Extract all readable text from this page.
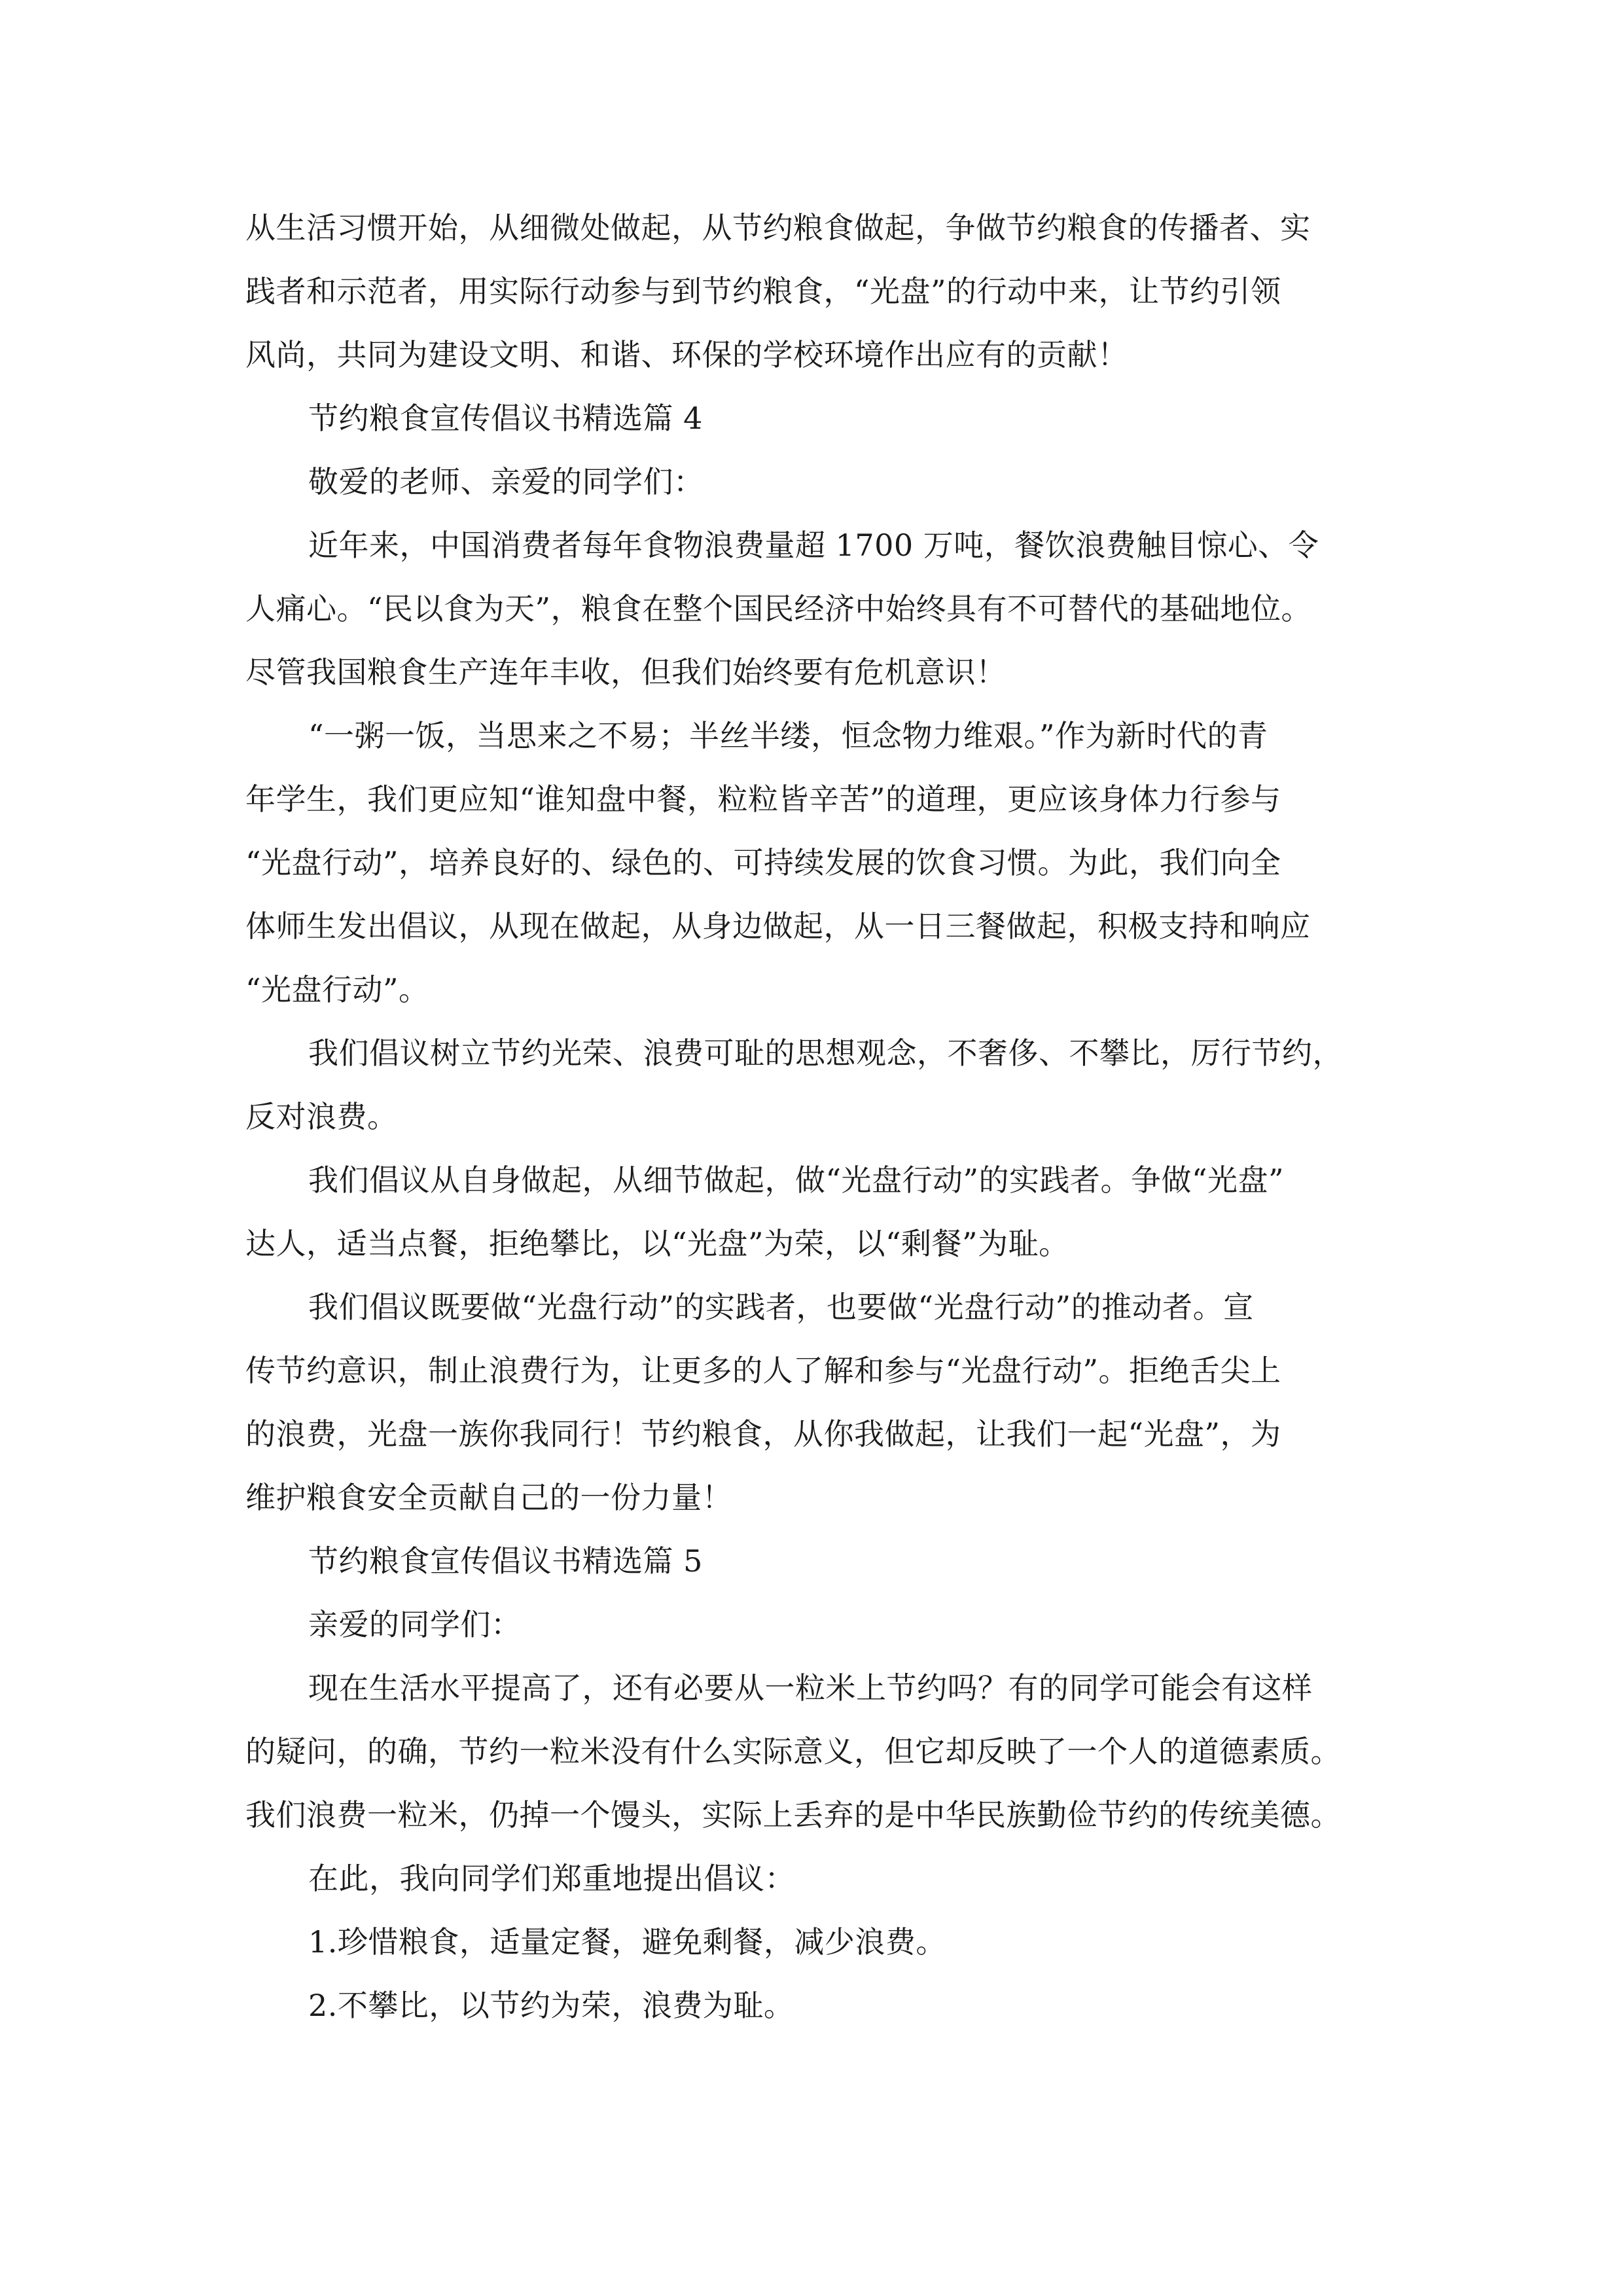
从生活习惯开始，从细微处做起，从节约粮食做起，争做节约粮食的传播者、实
践者和示范者，用实际行动参与到节约粮食，“光盘”的行动中来，让节约引领
风尚，共同为建设文明、和谐、环保的学校环境作出应有的贡献！
节约粮食宣传倡议书精选篇 4
敬爱的老师、亲爱的同学们：
近年来，中国消费者每年食物浪费量超 1700 万吨，餐饮浪费触目惊心、令
人痛心。“民以食为天”，粮食在整个国民经济中始终具有不可替代的基础地位。
尽管我国粮食生产连年丰收，但我们始终要有危机意识！
“一粥一饭，当思来之不易；半丝半缕，恒念物力维艰。”作为新时代的青
年学生，我们更应知“谁知盘中餐，粒粒皆辛苦”的道理，更应该身体力行参与
“光盘行动”，培养良好的、绿色的、可持续发展的饮食习惯。为此，我们向全
体师生发出倡议，从现在做起，从身边做起，从一日三餐做起，积极支持和响应
“光盘行动”。
我们倡议树立节约光荣、浪费可耻的思想观念，不奢侈、不攀比，厉行节约，
反对浪费。
我们倡议从自身做起，从细节做起，做“光盘行动”的实践者。争做“光盘”
达人，适当点餐，拒绝攀比，以“光盘”为荣，以“剩餐”为耻。
我们倡议既要做“光盘行动”的实践者，也要做“光盘行动”的推动者。宣
传节约意识，制止浪费行为，让更多的人了解和参与“光盘行动”。拒绝舌尖上
的浪费，光盘一族你我同行！节约粮食，从你我做起，让我们一起“光盘”，为
维护粮食安全贡献自己的一份力量！
节约粮食宣传倡议书精选篇 5
亲爱的同学们：
现在生活水平提高了，还有必要从一粒米上节约吗？有的同学可能会有这样
的疑问，的确，节约一粒米没有什么实际意义，但它却反映了一个人的道德素质。
我们浪费一粒米，仍掉一个馒头，实际上丢弃的是中华民族勤俭节约的传统美德。
在此，我向同学们郑重地提出倡议：
1.珍惜粮食，适量定餐，避免剩餐，减少浪费。
2.不攀比，以节约为荣，浪费为耻。
